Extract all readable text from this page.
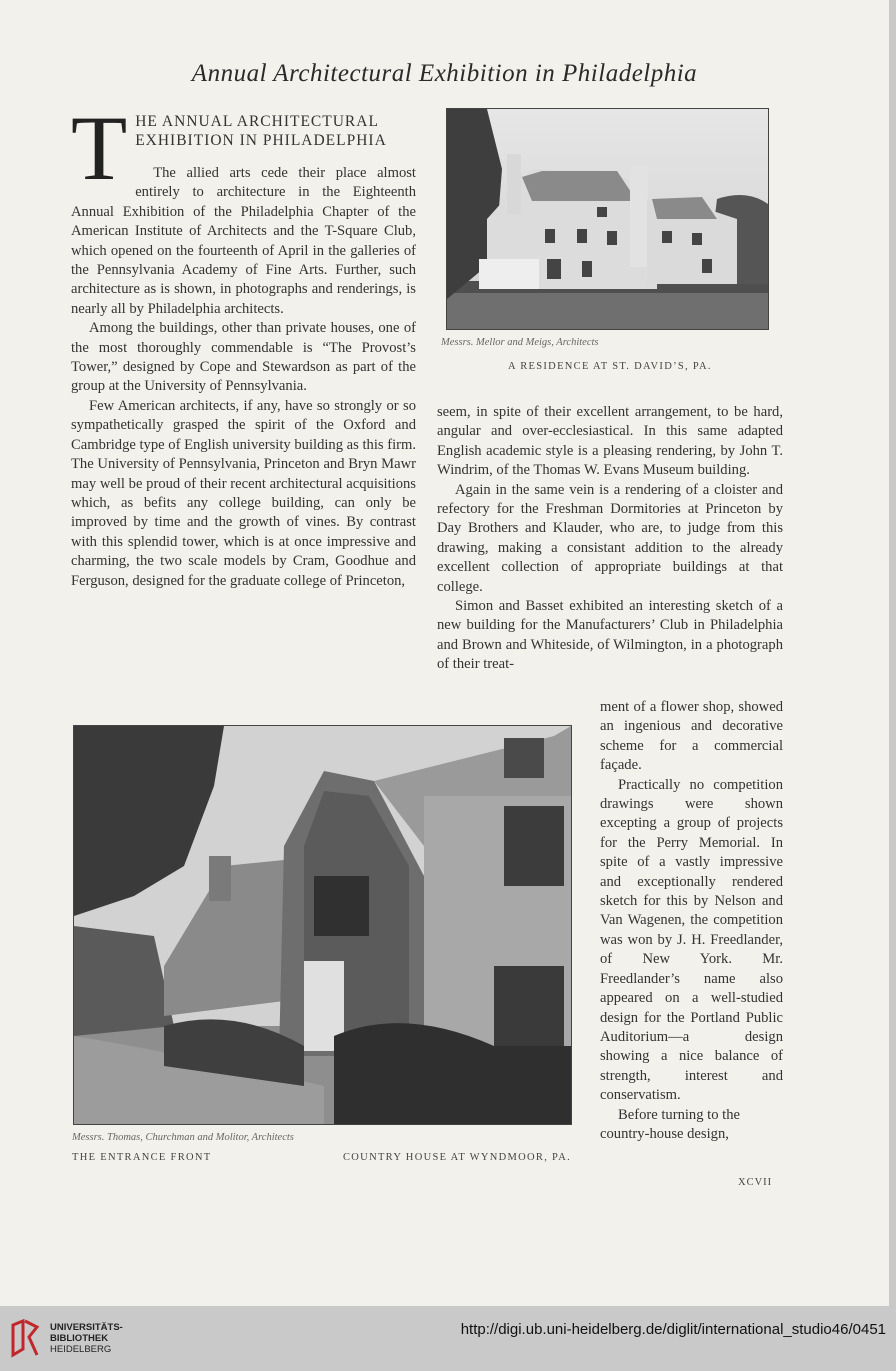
Annual Architectural Exhibition in Philadelphia
T HE ANNUAL ARCHITECTURAL
EXHIBITION IN PHILADELPHIA

The allied arts cede their place almost entirely to architecture in the Eighteenth Annual Exhibition of the Philadelphia Chapter of the American Institute of Architects and the T-Square Club, which opened on the fourteenth of April in the galleries of the Pennsylvania Academy of Fine Arts. Further, such architecture as is shown, in photographs and renderings, is nearly all by Philadelphia architects.

Among the buildings, other than private houses, one of the most thoroughly commendable is “The Provost’s Tower,” designed by Cope and Stewardson as part of the group at the University of Pennsylvania.

Few American architects, if any, have so strongly or so sympathetically grasped the spirit of the Oxford and Cambridge type of English university building as this firm. The University of Pennsylvania, Princeton and Bryn Mawr may well be proud of their recent architectural acquisitions which, as befits any college building, can only be improved by time and the growth of vines. By contrast with this splendid tower, which is at once impressive and charming, the two scale models by Cram, Goodhue and Ferguson, designed for the graduate college of Princeton,

Messrs. Mellor and Meigs, Architects
A RESIDENCE AT ST. DAVID’S, PA.

seem, in spite of their excellent arrangement, to be hard, angular and over-ecclesiastical. In this same adapted English academic style is a pleasing rendering, by John T. Windrim, of the Thomas W. Evans Museum building.

Again in the same vein is a rendering of a cloister and refectory for the Freshman Dormitories at Princeton by Day Brothers and Klauder, who are, to judge from this drawing, making a consistant addition to the already excellent collection of appropriate buildings at that college.

Simon and Basset exhibited an interesting sketch of a new building for the Manufacturers’ Club in Philadelphia and Brown and Whiteside, of Wilmington, in a photograph of their treat-

ment of a flower shop, showed an ingenious and decorative scheme for a commercial façade.

Practically no competition drawings were shown excepting a group of projects for the Perry Memorial. In spite of a vastly impressive and exceptionally rendered sketch for this by Nelson and Van Wagenen, the competition was won by J. H. Freedlander, of New York. Mr. Freedlander’s name also appeared on a well-studied design for the Portland Public Auditorium—a design showing a nice balance of strength, interest and conservatism.

Before turning to the country-house design,

Messrs. Thomas, Churchman and Molitor, Architects
THE ENTRANCE FRONT	COUNTRY HOUSE AT WYNDMOOR, PA.
XCVII
UNIVERSITÄTS-
BIBLIOTHEK
HEIDELBERG
http://digi.ub.uni-heidelberg.de/diglit/international_studio46/0451
